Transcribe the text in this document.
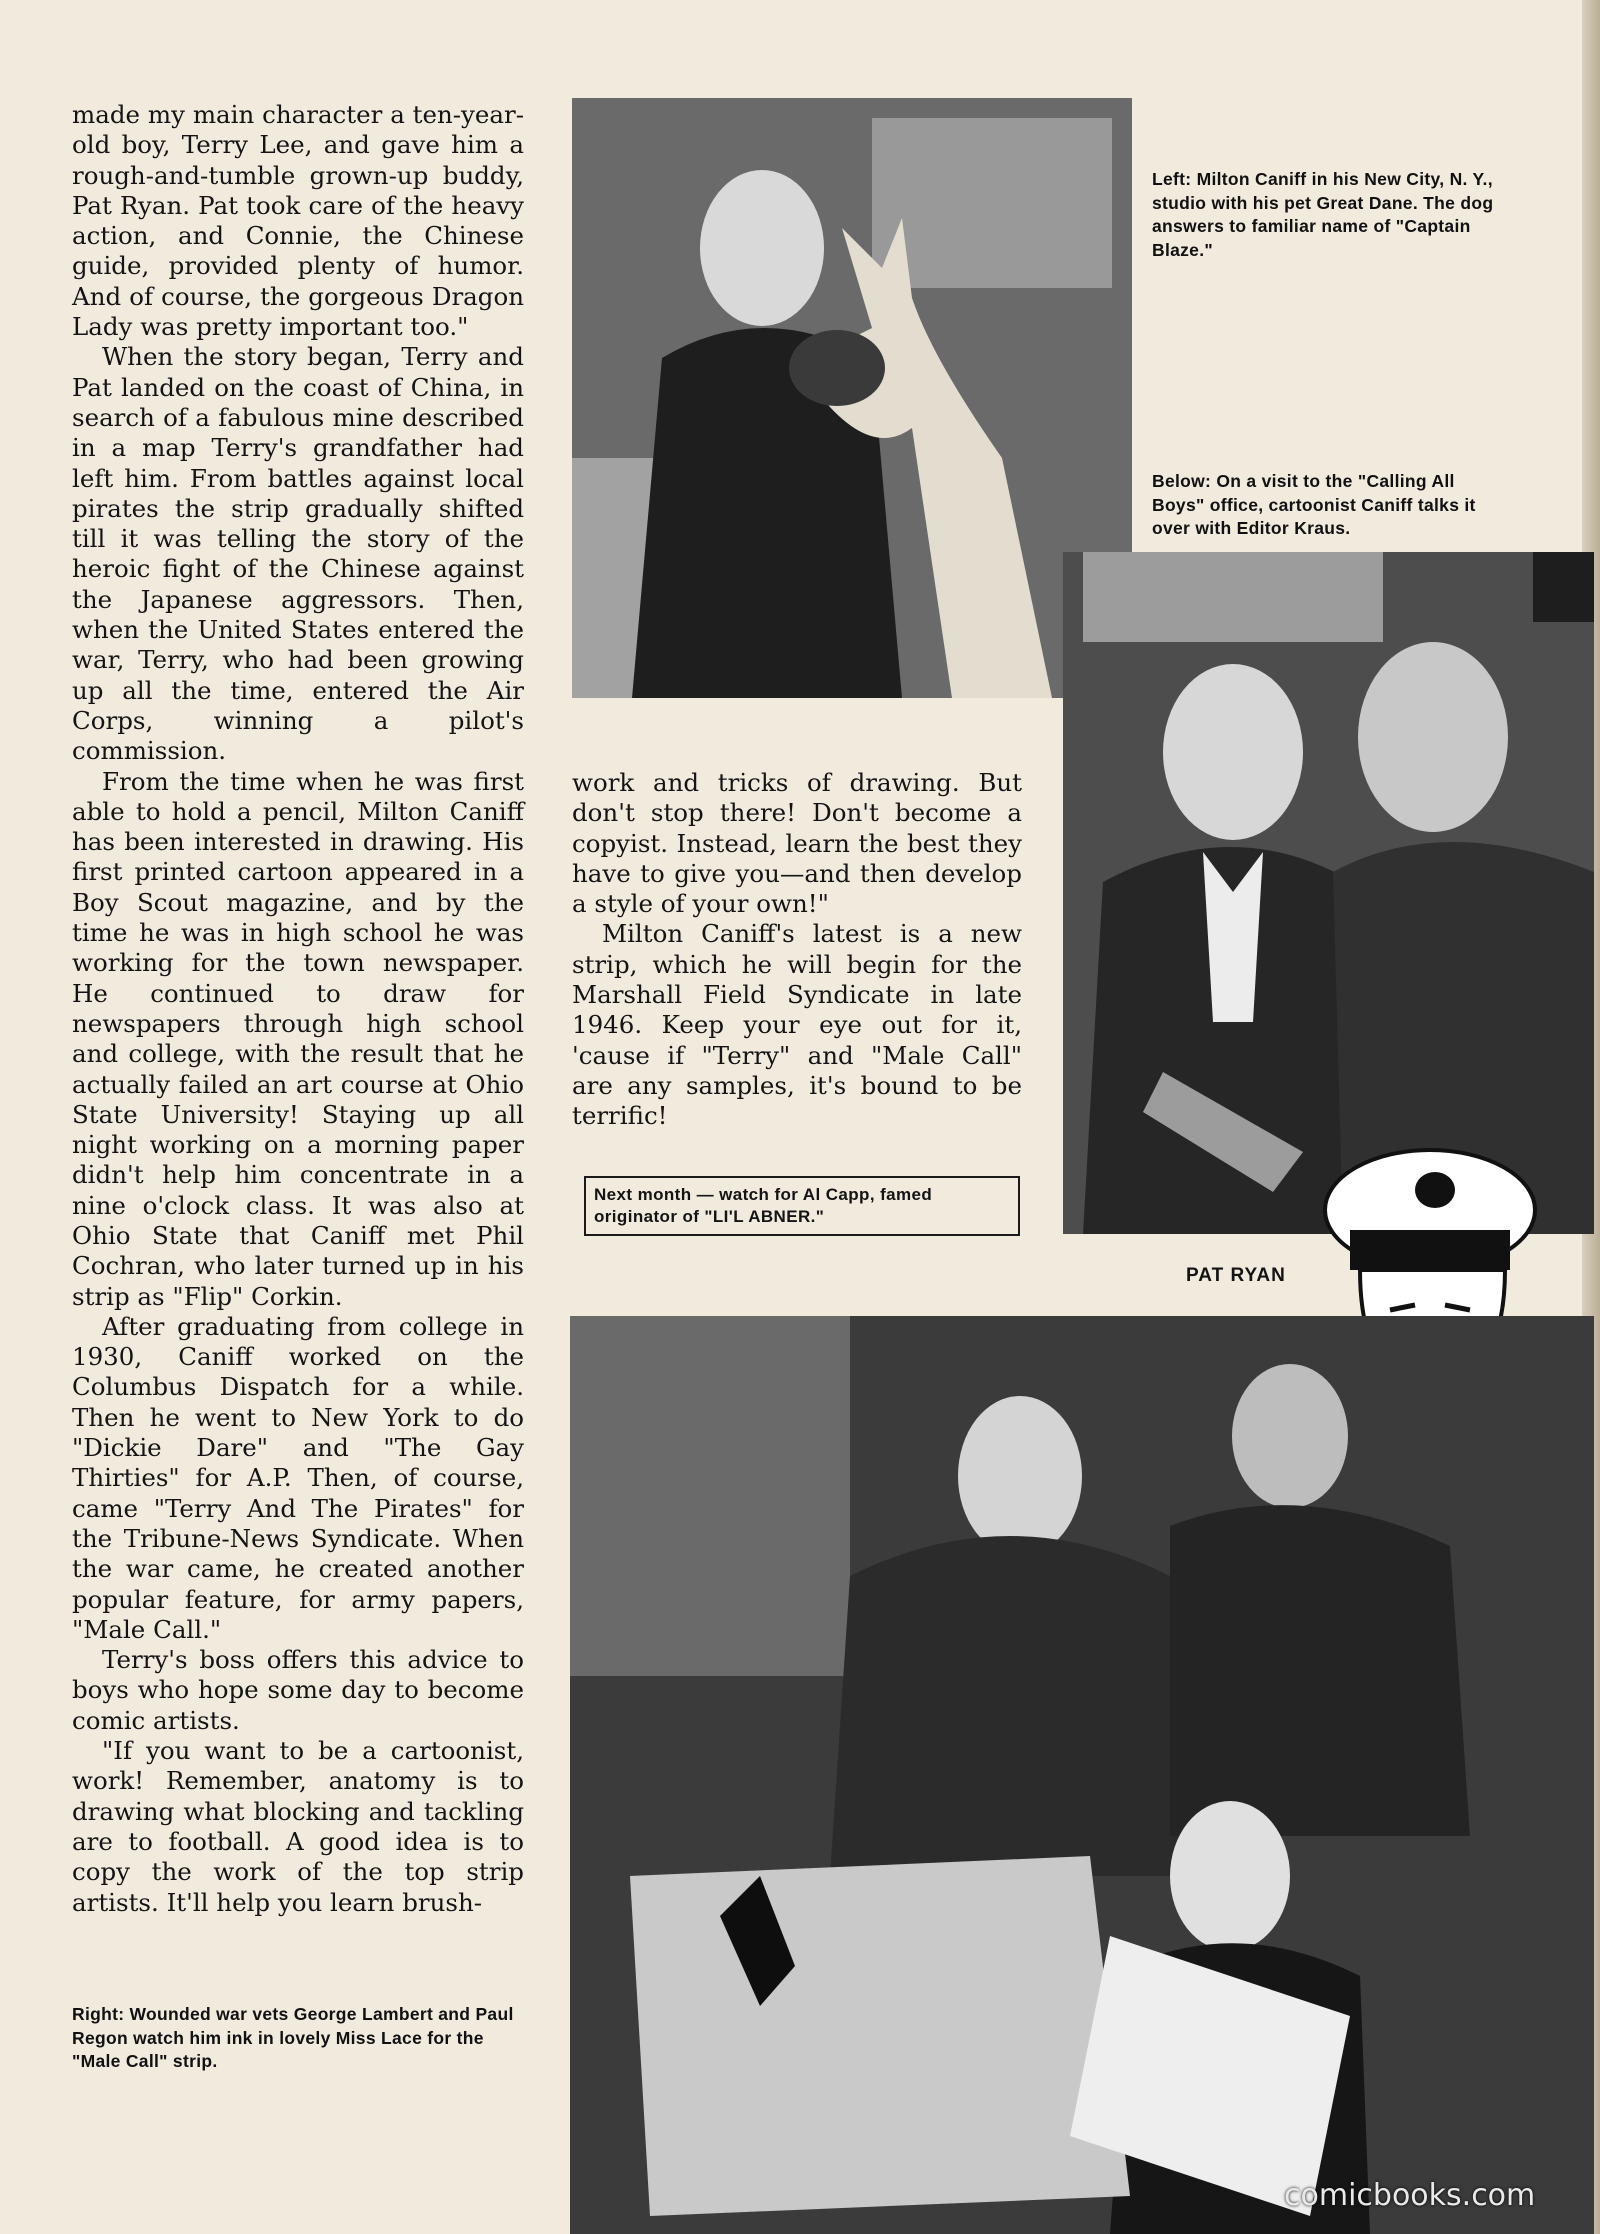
made my main character a ten-year-old boy, Terry Lee, and gave him a rough-and-tumble grown-up buddy, Pat Ryan. Pat took care of the heavy action, and Connie, the Chinese guide, provided plenty of humor. And of course, the gorgeous Dragon Lady was pretty important too."

When the story began, Terry and Pat landed on the coast of China, in search of a fabulous mine described in a map Terry's grandfather had left him. From battles against local pirates the strip gradually shifted till it was telling the story of the heroic fight of the Chinese against the Japanese aggressors. Then, when the United States entered the war, Terry, who had been growing up all the time, entered the Air Corps, winning a pilot's commission.

From the time when he was first able to hold a pencil, Milton Caniff has been interested in drawing. His first printed cartoon appeared in a Boy Scout magazine, and by the time he was in high school he was working for the town newspaper. He continued to draw for newspapers through high school and college, with the result that he actually failed an art course at Ohio State University! Staying up all night working on a morning paper didn't help him concentrate in a nine o'clock class. It was also at Ohio State that Caniff met Phil Cochran, who later turned up in his strip as "Flip" Corkin.

After graduating from college in 1930, Caniff worked on the Columbus Dispatch for a while. Then he went to New York to do "Dickie Dare" and "The Gay Thirties" for A.P. Then, of course, came "Terry And The Pirates" for the Tribune-News Syndicate. When the war came, he created another popular feature, for army papers, "Male Call."

Terry's boss offers this advice to boys who hope some day to become comic artists.

"If you want to be a cartoonist, work! Remember, anatomy is to drawing what blocking and tackling are to football. A good idea is to copy the work of the top strip artists. It'll help you learn brush-

work and tricks of drawing. But don't stop there! Don't become a copyist. Instead, learn the best they have to give you—and then develop a style of your own!"

Milton Caniff's latest is a new strip, which he will begin for the Marshall Field Syndicate in late 1946. Keep your eye out for it, 'cause if "Terry" and "Male Call" are any samples, it's bound to be terrific!

Left: Milton Caniff in his New City, N. Y., studio with his pet Great Dane. The dog answers to familiar name of "Captain Blaze."
Below: On a visit to the "Calling All Boys" office, cartoonist Caniff talks it over with Editor Kraus.
Next month — watch for Al Capp, famed originator of "LI'L ABNER."
PAT RYAN
Right: Wounded war vets George Lambert and Paul Regon watch him ink in lovely Miss Lace for the "Male Call" strip.
comicbooks.com
